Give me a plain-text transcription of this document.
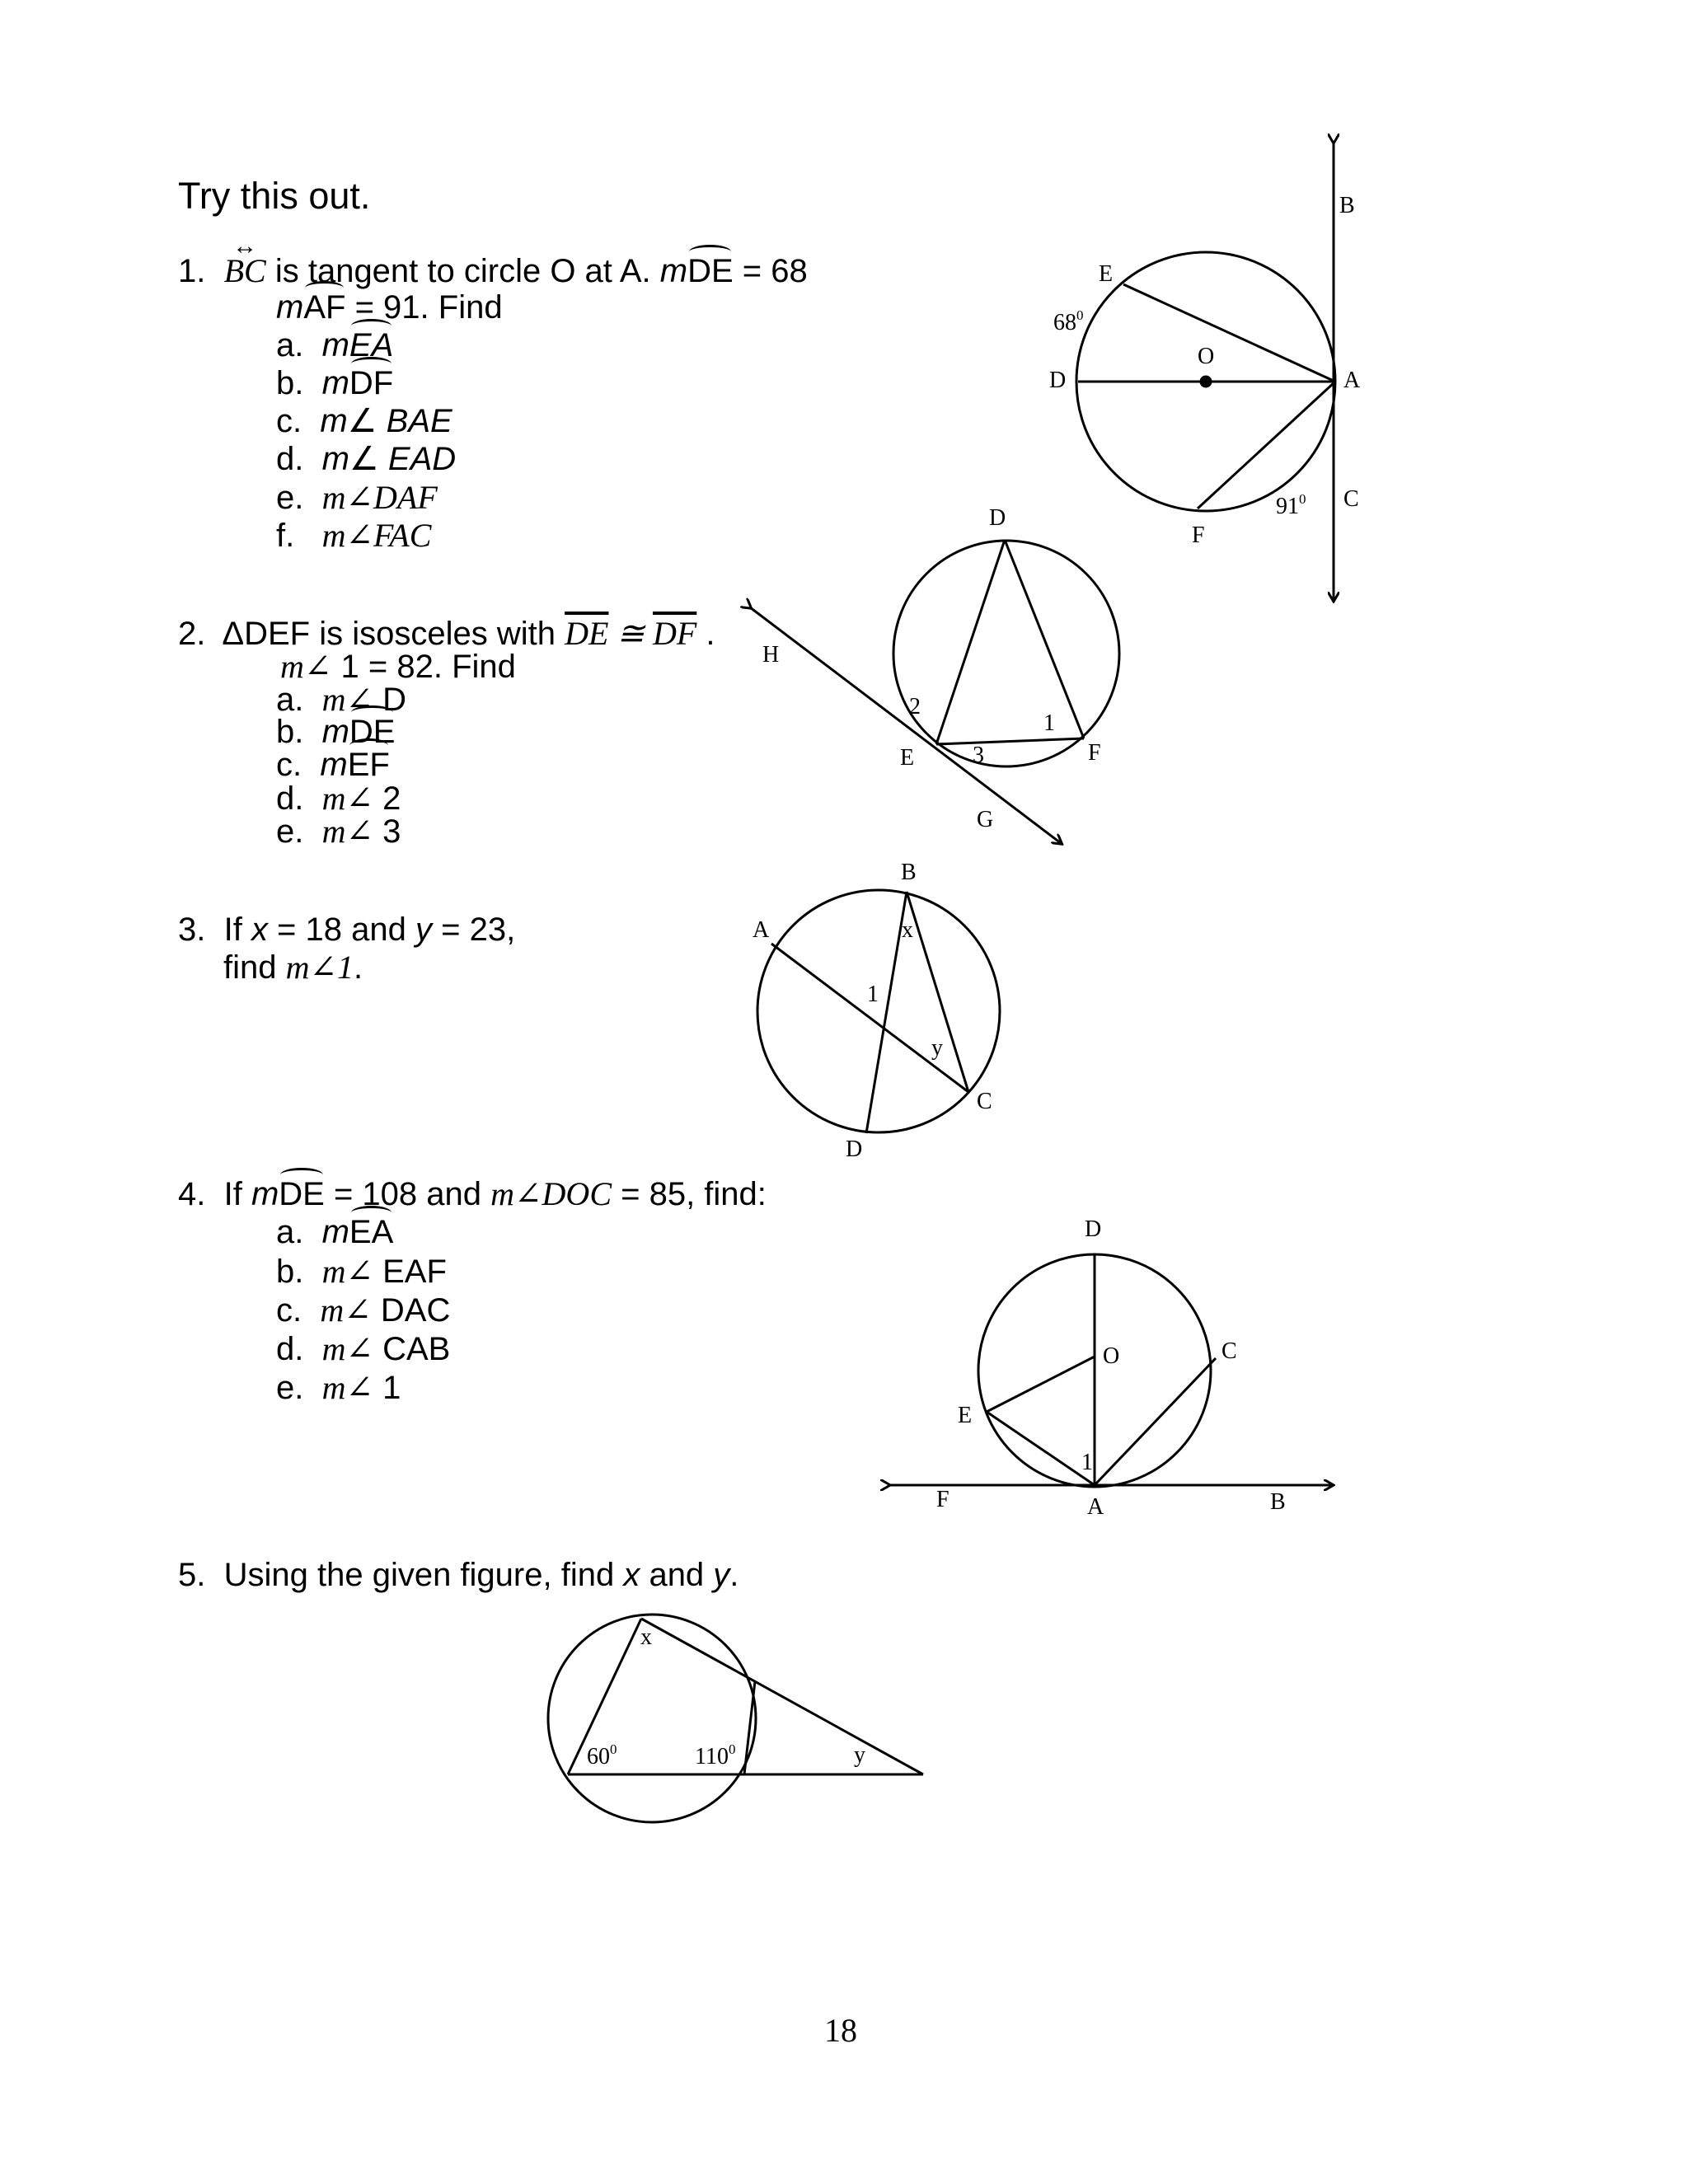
Try this out.
1. ↔ BC is tangent to circle O at A. mDE = 68
mAF = 91. Find
a. mEA
b. mDF
c. m∠ BAE
d. m∠ EAD
e. m∠DAF
f. m∠FAC
2. ΔDEF is isosceles with $\overline{DE}$ ≅ $\overline{DF}$ .
m∠ 1 = 82. Find
a. m∠ D
b. mDE
c. mEF
d. m∠ 2
e. m∠ 3
3. If x = 18 and y = 23,
find m∠1.
4. If mDE = 108 and m∠DOC = 85, find:
a. mEA
b. m∠ EAF
c. m∠ DAC
d. m∠ CAB
e. m∠ 1
5. Using the given figure, find x and y.
18
E
O
D	A
B
C
F
$68^0$
$91^0$
D
E	F
G
H
1
2
3
B
A
C
D
x
y
1
D
O	C
E
1
F	A	B
x
$60^0$	$110^0$	y
